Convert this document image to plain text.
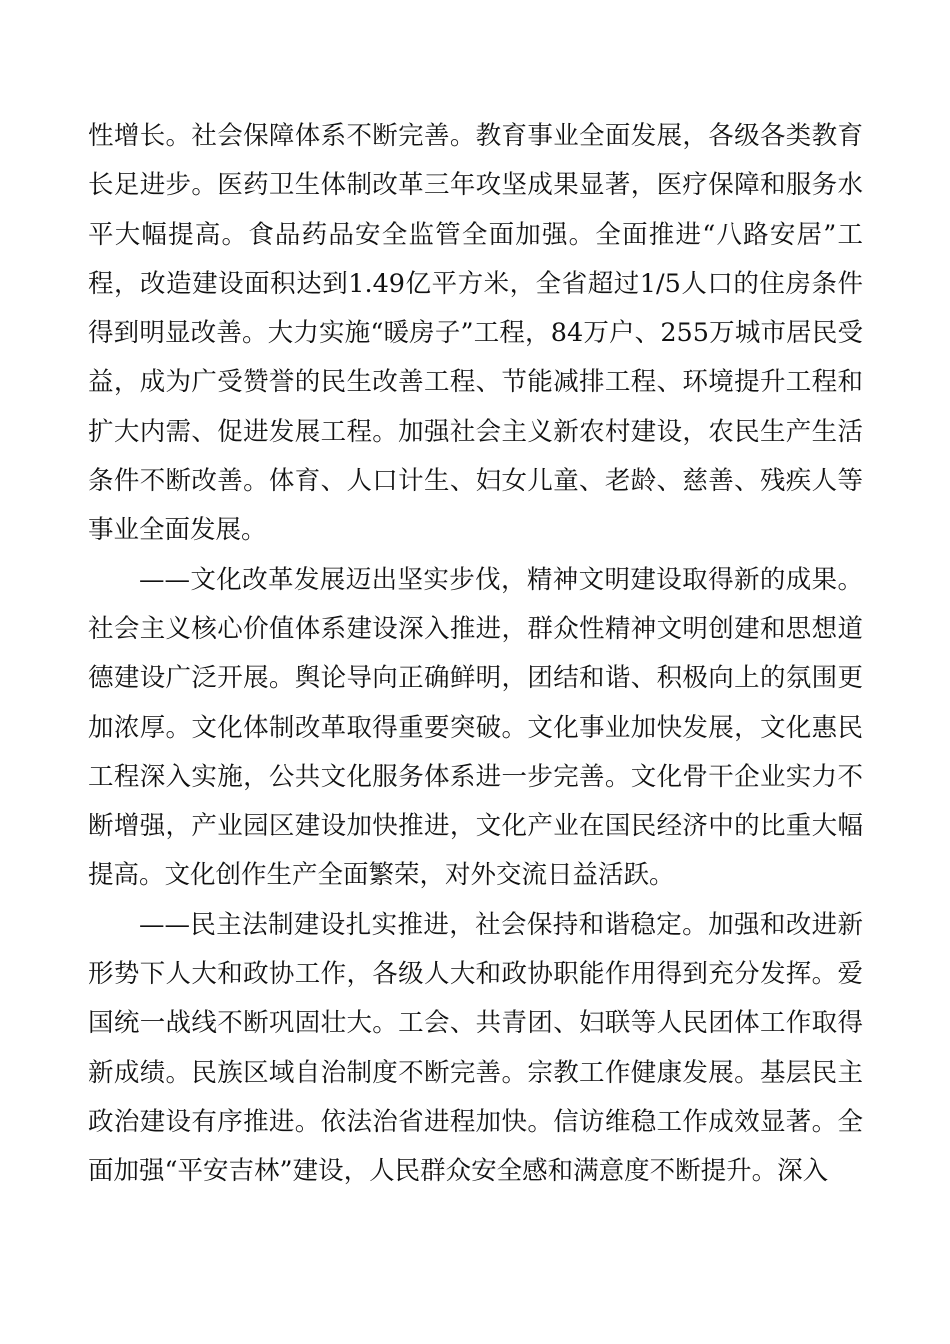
性增长。社会保障体系不断完善。教育事业全面发展，各级各类教育长足进步。医药卫生体制改革三年攻坚成果显著，医疗保障和服务水平大幅提高。食品药品安全监管全面加强。全面推进“八路安居”工程，改造建设面积达到1.49亿平方米，全省超过1/5人口的住房条件得到明显改善。大力实施“暖房子”工程，84万户、255万城市居民受益，成为广受赞誉的民生改善工程、节能减排工程、环境提升工程和扩大内需、促进发展工程。加强社会主义新农村建设，农民生产生活条件不断改善。体育、人口计生、妇女儿童、老龄、慈善、残疾人等事业全面发展。

——文化改革发展迈出坚实步伐，精神文明建设取得新的成果。社会主义核心价值体系建设深入推进，群众性精神文明创建和思想道德建设广泛开展。舆论导向正确鲜明，团结和谐、积极向上的氛围更加浓厚。文化体制改革取得重要突破。文化事业加快发展，文化惠民工程深入实施，公共文化服务体系进一步完善。文化骨干企业实力不断增强，产业园区建设加快推进，文化产业在国民经济中的比重大幅提高。文化创作生产全面繁荣，对外交流日益活跃。

——民主法制建设扎实推进，社会保持和谐稳定。加强和改进新形势下人大和政协工作，各级人大和政协职能作用得到充分发挥。爱国统一战线不断巩固壮大。工会、共青团、妇联等人民团体工作取得新成绩。民族区域自治制度不断完善。宗教工作健康发展。基层民主政治建设有序推进。依法治省进程加快。信访维稳工作成效显著。全面加强“平安吉林”建设，人民群众安全感和满意度不断提升。深入
